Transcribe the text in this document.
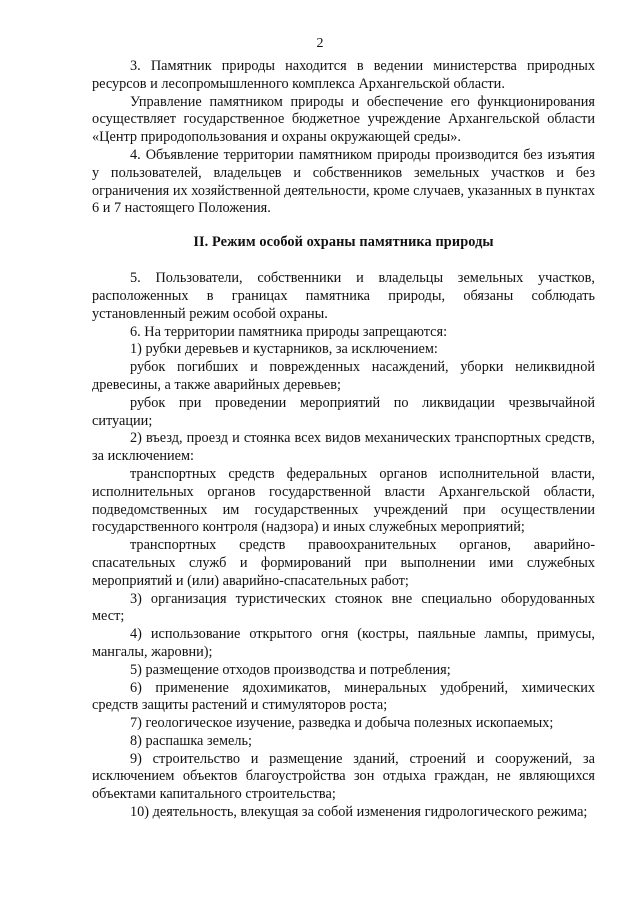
2

3. Памятник природы находится в ведении министерства природных ресурсов и лесопромышленного комплекса Архангельской области.

Управление памятником природы и обеспечение его функционирования осуществляет государственное бюджетное учреждение Архангельской области «Центр природопользования и охраны окружающей среды».

4. Объявление территории памятником природы производится без изъятия у пользователей, владельцев и собственников земельных участков и без ограничения их хозяйственной деятельности, кроме случаев, указанных в пунктах 6 и 7 настоящего Положения.

II. Режим особой охраны памятника природы

5. Пользователи, собственники и владельцы земельных участков, расположенных в границах памятника природы, обязаны соблюдать установленный режим особой охраны.

6. На территории памятника природы запрещаются:

1) рубки деревьев и кустарников, за исключением:

рубок погибших и поврежденных насаждений, уборки неликвидной древесины, а также аварийных деревьев;

рубок при проведении мероприятий по ликвидации чрезвычайной ситуации;

2) въезд, проезд и стоянка всех видов механических транспортных средств, за исключением:

транспортных средств федеральных органов исполнительной власти, исполнительных органов государственной власти Архангельской области, подведомственных им государственных учреждений при осуществлении государственного контроля (надзора) и иных служебных мероприятий;

транспортных средств правоохранительных органов, аварийно-спасательных служб и формирований при выполнении ими служебных мероприятий и (или) аварийно-спасательных работ;

3) организация туристических стоянок вне специально оборудованных мест;

4) использование открытого огня (костры, паяльные лампы, примусы, мангалы, жаровни);

5) размещение отходов производства и потребления;

6) применение ядохимикатов, минеральных удобрений, химических средств защиты растений и стимуляторов роста;

7) геологическое изучение, разведка и добыча полезных ископаемых;

8) распашка земель;

9) строительство и размещение зданий, строений и сооружений, за исключением объектов благоустройства зон отдыха граждан, не являющихся объектами капитального строительства;

10) деятельность, влекущая за собой изменения гидрологического режима;
